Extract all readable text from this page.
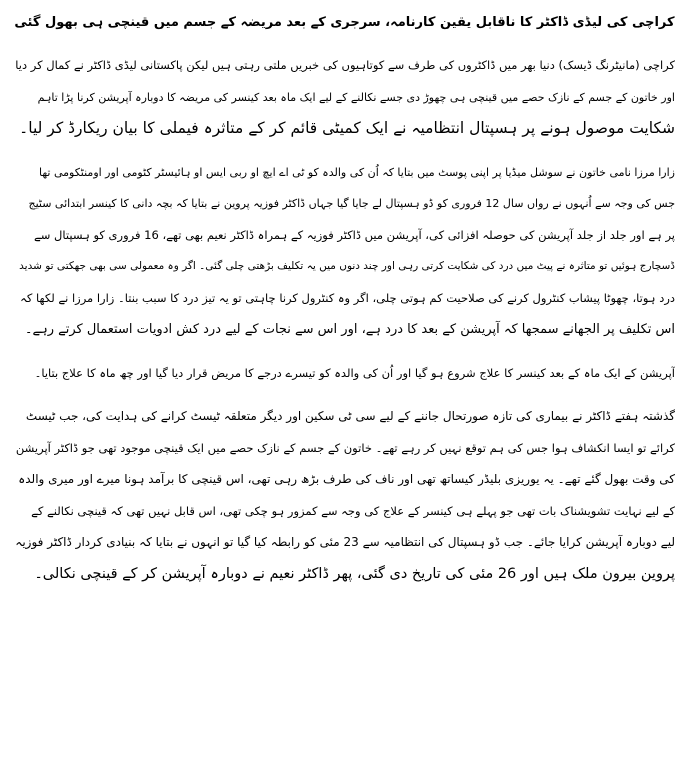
کراچی کی لیڈی ڈاکٹر کا ناقابل یقین کارنامہ، سرجری کے بعد مریضہ کے جسم میں قینچی ہی بھول گئی
کراچی (مانیٹرنگ ڈیسک) دنیا بھر میں ڈاکٹروں کی طرف سے کوتاہیوں کی خبریں ملتی رہتی ہیں لیکن پاکستانی لیڈی ڈاکٹر نے کمال کر دیا
اور خاتون کے جسم کے نازک حصے میں قینچی ہی چھوڑ دی جسے نکالنے کے لیے ایک ماہ بعد کینسر کی مریضہ کا دوبارہ آپریشن کرنا پڑا تاہم
شکایت موصول ہونے پر ہسپتال انتظامیہ نے ایک کمیٹی قائم کر کے متاثرہ فیملی کا بیان ریکارڈ کر لیا۔
زارا مرزا نامی خاتون نے سوشل میڈیا پر اپنی پوسٹ میں بتایا کہ اُن کی والدہ کو ٹی اے ایچ او ربی ایس او ہائیسٹر کٹومی اور اومنٹکومی تھا
جس کی وجہ سے اُنہوں نے رواں سال 12 فروری کو ڈو ہسپتال لے جایا گیا جہاں ڈاکٹر فوزیہ پروین نے بتایا کہ بچہ دانی کا کینسر ابتدائی سٹیج
پر ہے اور جلد از جلد آپریشن کی حوصلہ افزائی کی، آپریشن میں ڈاکٹر فوزیہ کے ہمراہ ڈاکٹر نعیم بھی تھے، 16 فروری کو ہسپتال سے
ڈسچارج ہوئیں تو متاثرہ نے پیٹ میں درد کی شکایت کرتی رہی اور چند دنوں میں یہ تکلیف بڑھتی چلی گئی۔ اگر وہ معمولی سی بھی جھکتی تو شدید
درد ہوتا، چھوٹا پیشاب کنٹرول کرنے کی صلاحیت کم ہوتی چلی، اگر وہ کنٹرول کرنا چاہتی تو یہ تیز درد کا سبب بنتا۔ زارا مرزا نے لکھا کہ
اس تکلیف پر الجھانے سمجھا کہ آپریشن کے بعد کا درد ہے، اور اس سے نجات کے لیے درد کش ادویات استعمال کرتے رہے۔
آپریشن کے ایک ماہ کے بعد کینسر کا علاج شروع ہو گیا اور اُن کی والدہ کو تیسرے درجے کا مریض قرار دیا گیا اور چھ ماہ کا علاج بتایا۔
گذشتہ ہفتے ڈاکٹر نے بیماری کی تازہ صورتحال جاننے کے لیے سی ٹی سکین اور دیگر متعلقہ ٹیسٹ کرانے کی ہدایت کی، جب ٹیسٹ
کرائے تو ایسا انکشاف ہوا جس کی ہم توقع نہیں کر رہے تھے۔ خاتون کے جسم کے نازک حصے میں ایک قینچی موجود تھی جو ڈاکٹر آپریشن
کی وقت بھول گئے تھے۔ یہ یوریزی بلیڈر کیساتھ تھی اور ناف کی طرف بڑھ رہی تھی، اس قینچی کا برآمد ہونا میرے اور میری والدہ
کے لیے نہایت تشویشناک بات تھی جو پہلے ہی کینسر کے علاج کی وجہ سے کمزور ہو چکی تھی، اس قابل نہیں تھی کہ قینچی نکالنے کے
لیے دوبارہ آپریشن کرایا جائے۔ جب ڈو ہسپتال کی انتظامیہ سے 23 مئی کو رابطہ کیا گیا تو انہوں نے بتایا کہ بنیادی کردار ڈاکٹر فوزیہ
پروین بیرون ملک ہیں اور 26 مئی کی تاریخ دی گئی، پھر ڈاکٹر نعیم نے دوبارہ آپریشن کر کے قینچی نکالی۔
